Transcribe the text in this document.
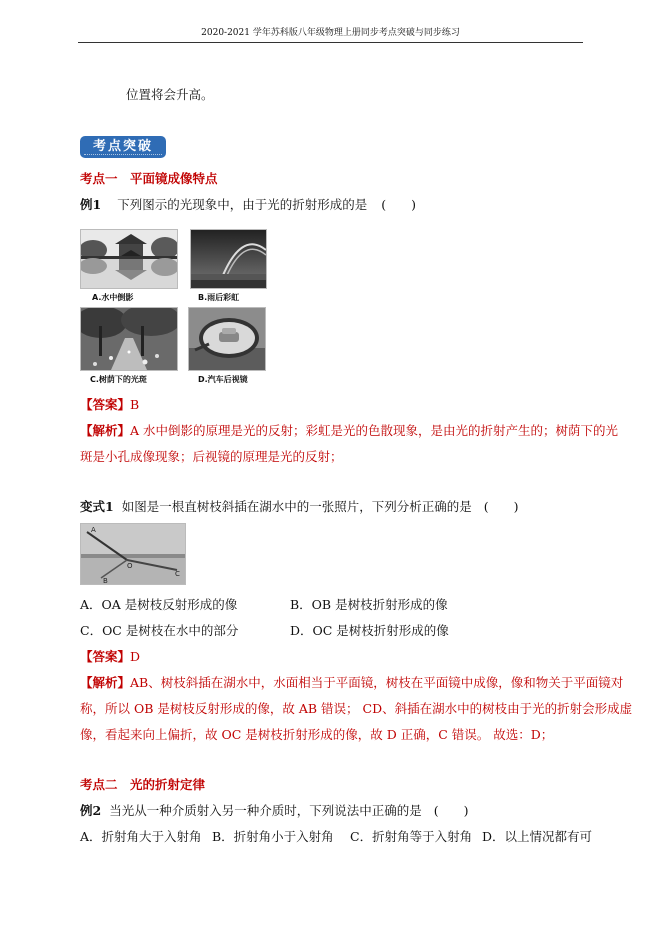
2020-2021 学年苏科版八年级物理上册同步考点突破与同步练习
位置将会升高。
考点突破
考点一　平面镜成像特点
例1 下列图示的光现象中，由于光的折射形成的是 (　　)
A.水中倒影	B.雨后彩虹
C.树荫下的光斑	D.汽车后视镜
【答案】B
【解析】A 水中倒影的原理是光的反射；彩虹是光的色散现象，是由光的折射产生的；树荫下的光
斑是小孔成像现象；后视镜的原理是光的反射；
变式1 如图是一根直树枝斜插在湖水中的一张照片，下列分析正确的是 (　　)
A
O
C
B
A．OA 是树枝反射形成的像	B．OB 是树枝折射形成的像
C．OC 是树枝在水中的部分	D．OC 是树枝折射形成的像
【答案】D
【解析】AB、树枝斜插在湖水中，水面相当于平面镜，树枝在平面镜中成像，像和物关于平面镜对
称，所以 OB 是树枝反射形成的像，故 AB 错误； CD、斜插在湖水中的树枝由于光的折射会形成虚
像，看起来向上偏折，故 OC 是树枝折射形成的像，故 D 正确，C 错误。 故选：D；
考点二　光的折射定律
例2 当光从一种介质射入另一种介质时，下列说法中正确的是 (　　)
A．折射角大于入射角 B．折射角小于入射角 C．折射角等于入射角 D．以上情况都有可
